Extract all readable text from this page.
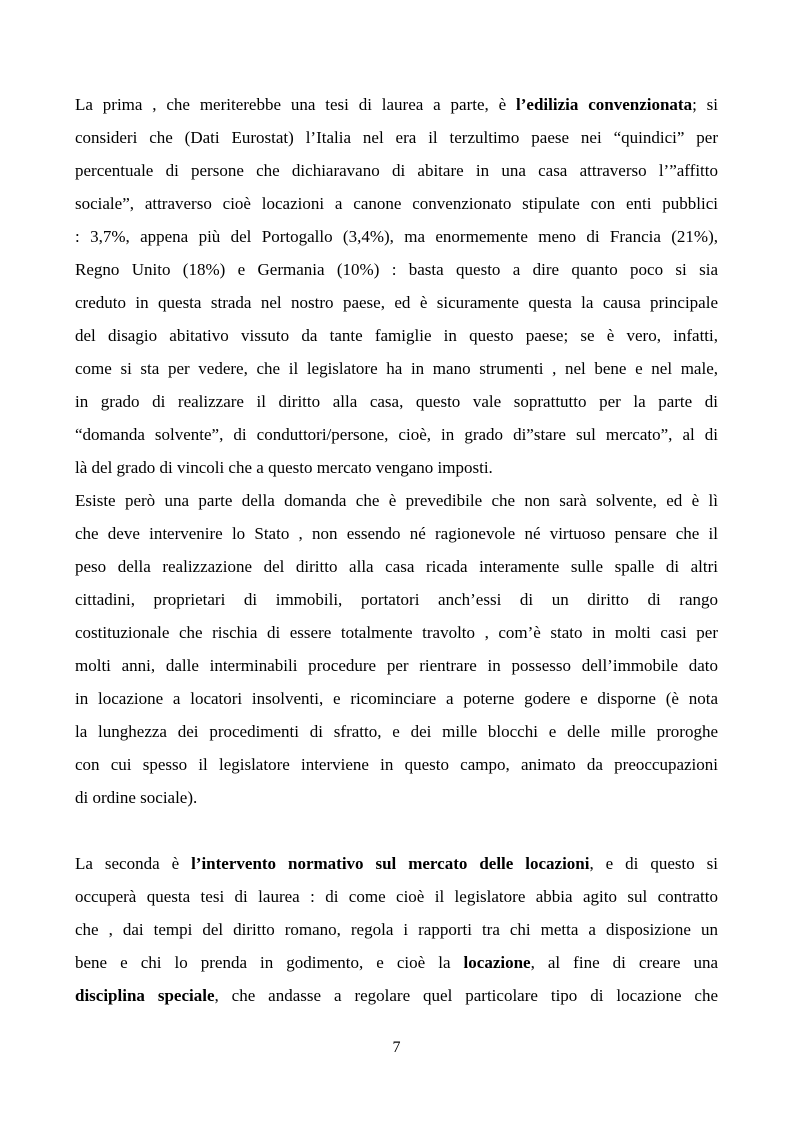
La prima , che meriterebbe una tesi di laurea a parte, è l’edilizia convenzionata; si
consideri che (Dati Eurostat) l’Italia nel era il terzultimo paese nei “quindici” per
percentuale di persone che dichiaravano di abitare in una casa attraverso l’”affitto
sociale”, attraverso cioè locazioni a canone convenzionato stipulate con enti pubblici
: 3,7%, appena più del Portogallo (3,4%), ma enormemente meno di Francia (21%),
Regno Unito (18%) e Germania (10%) : basta questo a dire quanto poco si sia
creduto in questa strada nel nostro paese, ed è sicuramente questa la causa principale
del disagio abitativo vissuto da tante famiglie in questo paese; se è vero, infatti,
come si sta per vedere, che il legislatore ha in mano strumenti , nel bene e nel male,
in grado di realizzare il diritto alla casa, questo vale soprattutto per la parte di
“domanda solvente”, di conduttori/persone, cioè, in grado di”stare sul mercato”, al di
là del grado di vincoli che a questo mercato vengano imposti.
Esiste però una parte della domanda che è prevedibile che non sarà solvente, ed è lì
che deve intervenire lo Stato , non essendo né ragionevole né virtuoso pensare che il
peso della realizzazione del diritto alla casa ricada interamente sulle spalle di altri
cittadini, proprietari di immobili, portatori anch’essi di un diritto di rango
costituzionale che rischia di essere totalmente travolto , com’è stato in molti casi per
molti anni, dalle interminabili procedure per rientrare in possesso dell’immobile dato
in locazione a locatori insolventi, e ricominciare a poterne godere e disporne (è nota
la lunghezza dei procedimenti di sfratto, e dei mille blocchi e delle mille proroghe
con cui spesso il legislatore interviene in questo campo, animato da preoccupazioni
di ordine sociale).
La seconda è l’intervento normativo sul mercato delle locazioni, e di questo si
occuperà questa tesi di laurea : di come cioè il legislatore abbia agito sul contratto
che , dai tempi del diritto romano, regola i rapporti tra chi metta a disposizione un
bene e chi lo prenda in godimento, e cioè la locazione, al fine di creare una
disciplina speciale, che andasse a regolare quel particolare tipo di locazione che
7
